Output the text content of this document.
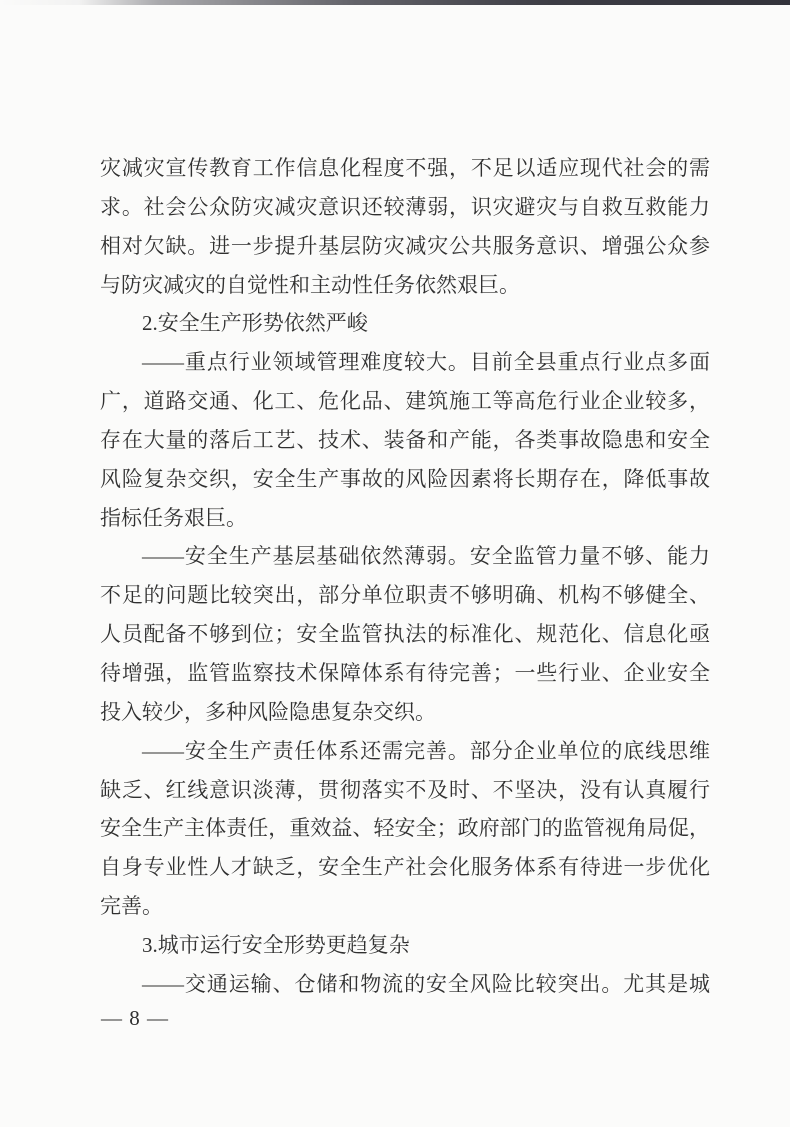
灾减灾宣传教育工作信息化程度不强，不足以适应现代社会的需
求。社会公众防灾减灾意识还较薄弱，识灾避灾与自救互救能力
相对欠缺。进一步提升基层防灾减灾公共服务意识、增强公众参
与防灾减灾的自觉性和主动性任务依然艰巨。
2.安全生产形势依然严峻
——重点行业领域管理难度较大。目前全县重点行业点多面
广，道路交通、化工、危化品、建筑施工等高危行业企业较多，
存在大量的落后工艺、技术、装备和产能，各类事故隐患和安全
风险复杂交织，安全生产事故的风险因素将长期存在，降低事故
指标任务艰巨。
——安全生产基层基础依然薄弱。安全监管力量不够、能力
不足的问题比较突出，部分单位职责不够明确、机构不够健全、
人员配备不够到位；安全监管执法的标准化、规范化、信息化亟
待增强，监管监察技术保障体系有待完善；一些行业、企业安全
投入较少，多种风险隐患复杂交织。
——安全生产责任体系还需完善。部分企业单位的底线思维
缺乏、红线意识淡薄，贯彻落实不及时、不坚决，没有认真履行
安全生产主体责任，重效益、轻安全；政府部门的监管视角局促，
自身专业性人才缺乏，安全生产社会化服务体系有待进一步优化
完善。
3.城市运行安全形势更趋复杂
——交通运输、仓储和物流的安全风险比较突出。尤其是城
— 8 —
